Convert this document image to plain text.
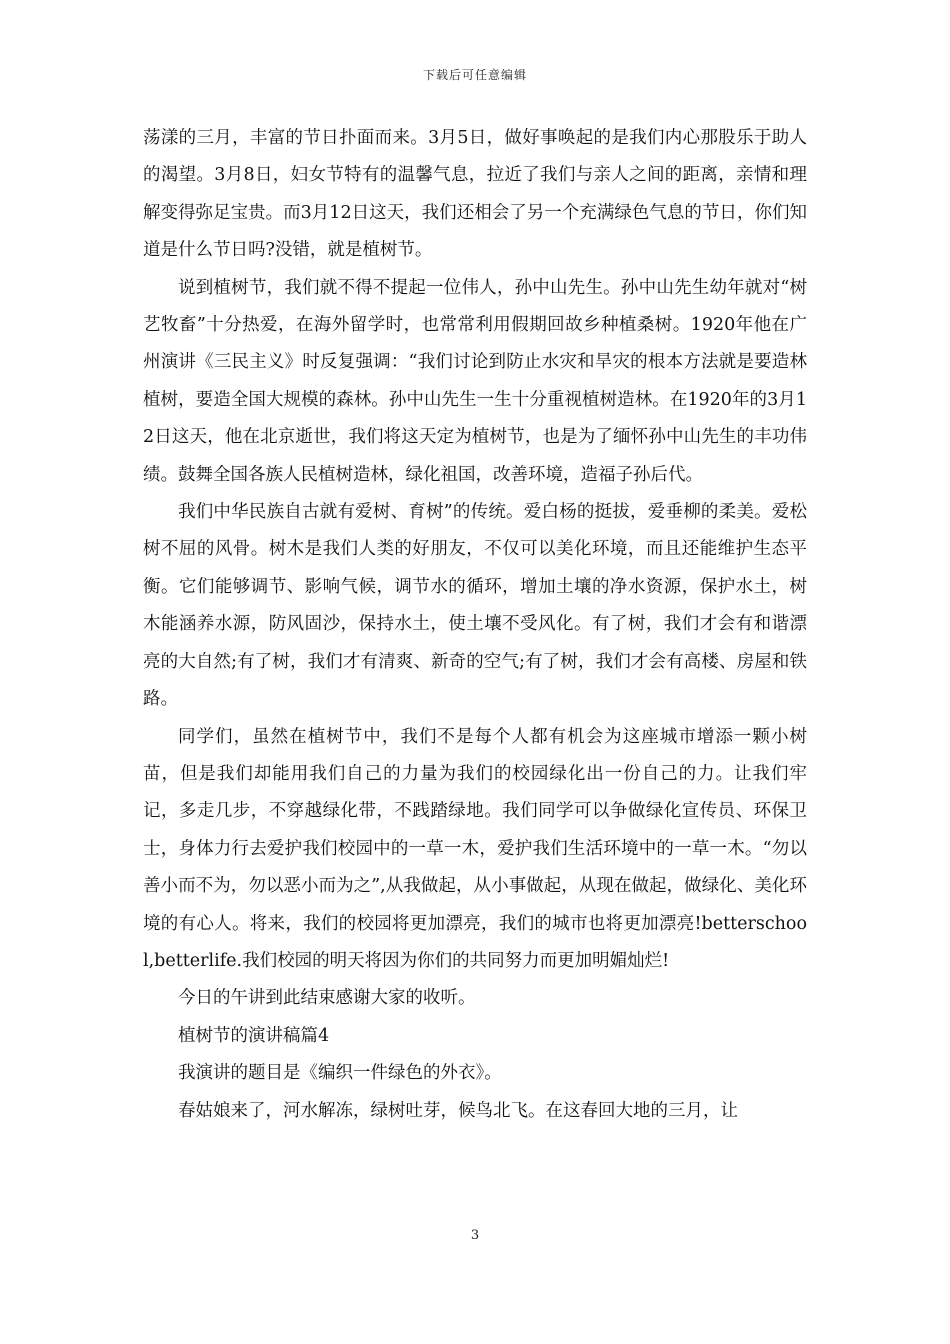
下载后可任意编辑

荡漾的三月，丰富的节日扑面而来。3月5日，做好事唤起的是我们内心那股乐于助人的渴望。3月8日，妇女节特有的温馨气息，拉近了我们与亲人之间的距离，亲情和理解变得弥足宝贵。而3月12日这天，我们还相会了另一个充满绿色气息的节日，你们知道是什么节日吗?没错，就是植树节。

说到植树节，我们就不得不提起一位伟人，孙中山先生。孙中山先生幼年就对“树艺牧畜”十分热爱，在海外留学时，也常常利用假期回故乡种植桑树。1920年他在广州演讲《三民主义》时反复强调：“我们讨论到防止水灾和旱灾的根本方法就是要造林植树，要造全国大规模的森林。孙中山先生一生十分重视植树造林。在1920年的3月12日这天，他在北京逝世，我们将这天定为植树节，也是为了缅怀孙中山先生的丰功伟绩。鼓舞全国各族人民植树造林，绿化祖国，改善环境，造福子孙后代。

我们中华民族自古就有爱树、育树”的传统。爱白杨的挺拔，爱垂柳的柔美。爱松树不屈的风骨。树木是我们人类的好朋友，不仅可以美化环境，而且还能维护生态平衡。它们能够调节、影响气候，调节水的循环，增加土壤的净水资源，保护水土，树木能涵养水源，防风固沙，保持水土，使土壤不受风化。有了树，我们才会有和谐漂亮的大自然;有了树，我们才有清爽、新奇的空气;有了树，我们才会有高楼、房屋和铁路。

同学们，虽然在植树节中，我们不是每个人都有机会为这座城市增添一颗小树苗，但是我们却能用我们自己的力量为我们的校园绿化出一份自己的力。让我们牢记，多走几步，不穿越绿化带，不践踏绿地。我们同学可以争做绿化宣传员、环保卫士，身体力行去爱护我们校园中的一草一木，爱护我们生活环境中的一草一木。“勿以善小而不为，勿以恶小而为之”,从我做起，从小事做起，从现在做起，做绿化、美化环境的有心人。将来，我们的校园将更加漂亮，我们的城市也将更加漂亮!betterschool,betterlife.我们校园的明天将因为你们的共同努力而更加明媚灿烂!

今日的午讲到此结束感谢大家的收听。

植树节的演讲稿篇4

我演讲的题目是《编织一件绿色的外衣》。

春姑娘来了，河水解冻，绿树吐芽，候鸟北飞。在这春回大地的三月，让

3
